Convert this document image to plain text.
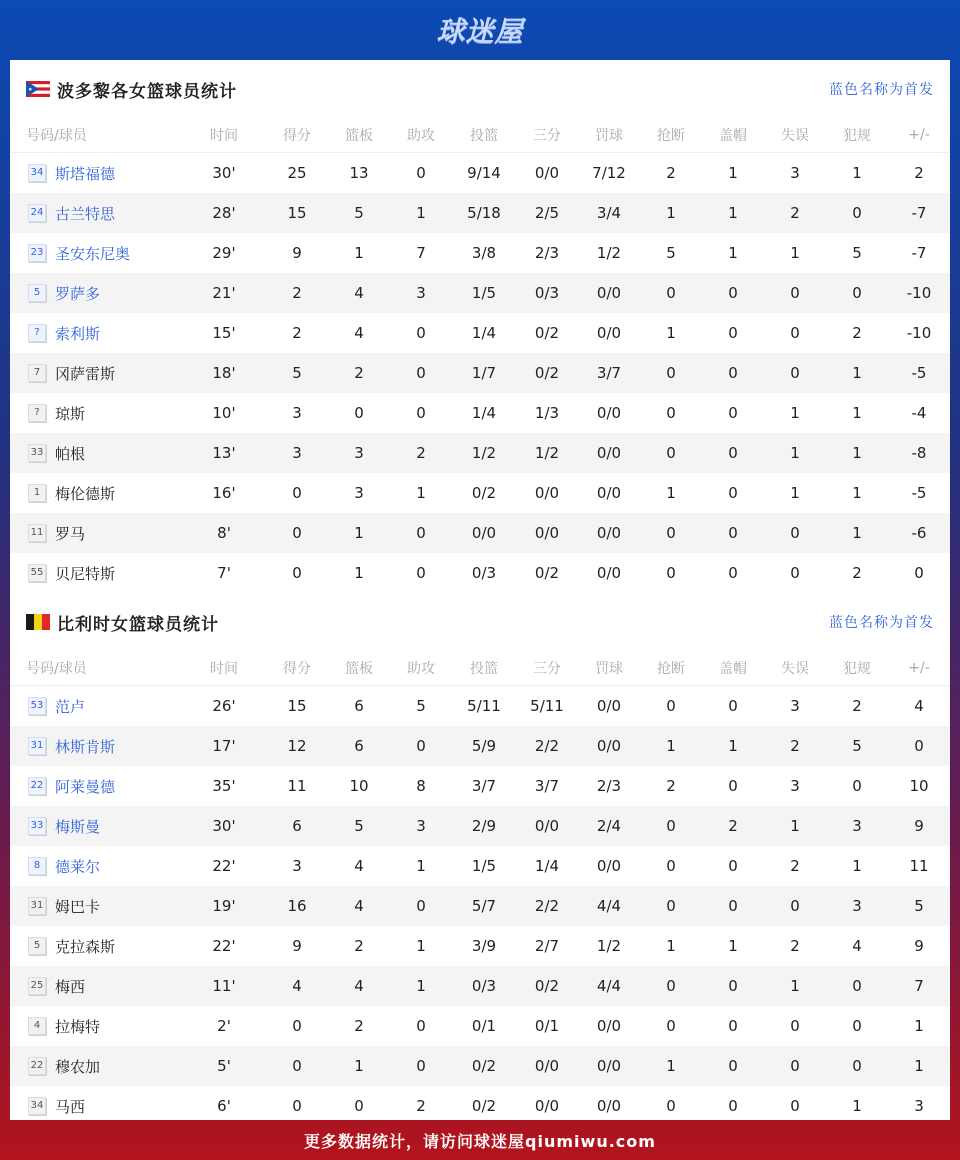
球迷屋
波多黎各女篮球员统计	蓝色名称为首发
号码/球员	时间	得分	篮板	助攻	投篮	三分	罚球	抢断	盖帽	失误	犯规	+/-
34 斯塔福德	30'	25	13	0	9/14	0/0	7/12	2	1	3	1	2
24 古兰特思	28'	15	5	1	5/18	2/5	3/4	1	1	2	0	-7
23 圣安东尼奥	29'	9	1	7	3/8	2/3	1/2	5	1	1	5	-7
5 罗萨多	21'	2	4	3	1/5	0/3	0/0	0	0	0	0	-10
? 索利斯	15'	2	4	0	1/4	0/2	0/0	1	0	0	2	-10
7 冈萨雷斯	18'	5	2	0	1/7	0/2	3/7	0	0	0	1	-5
? 琼斯	10'	3	0	0	1/4	1/3	0/0	0	0	1	1	-4
33 帕根	13'	3	3	2	1/2	1/2	0/0	0	0	1	1	-8
1 梅伦德斯	16'	0	3	1	0/2	0/0	0/0	1	0	1	1	-5
11 罗马	8'	0	1	0	0/0	0/0	0/0	0	0	0	1	-6
55 贝尼特斯	7'	0	1	0	0/3	0/2	0/0	0	0	0	2	0
比利时女篮球员统计	蓝色名称为首发
号码/球员	时间	得分	篮板	助攻	投篮	三分	罚球	抢断	盖帽	失误	犯规	+/-
53 范卢	26'	15	6	5	5/11	5/11	0/0	0	0	3	2	4
31 林斯肯斯	17'	12	6	0	5/9	2/2	0/0	1	1	2	5	0
22 阿莱曼德	35'	11	10	8	3/7	3/7	2/3	2	0	3	0	10
33 梅斯曼	30'	6	5	3	2/9	0/0	2/4	0	2	1	3	9
8 德莱尔	22'	3	4	1	1/5	1/4	0/0	0	0	2	1	11
31 姆巴卡	19'	16	4	0	5/7	2/2	4/4	0	0	0	3	5
5 克拉森斯	22'	9	2	1	3/9	2/7	1/2	1	1	2	4	9
25 梅西	11'	4	4	1	0/3	0/2	4/4	0	0	1	0	7
4 拉梅特	2'	0	2	0	0/1	0/1	0/0	0	0	0	0	1
22 穆农加	5'	0	1	0	0/2	0/0	0/0	1	0	0	0	1
34 马西	6'	0	0	2	0/2	0/0	0/0	0	0	0	1	3
更多数据统计，请访问球迷屋qiumiwu.com
